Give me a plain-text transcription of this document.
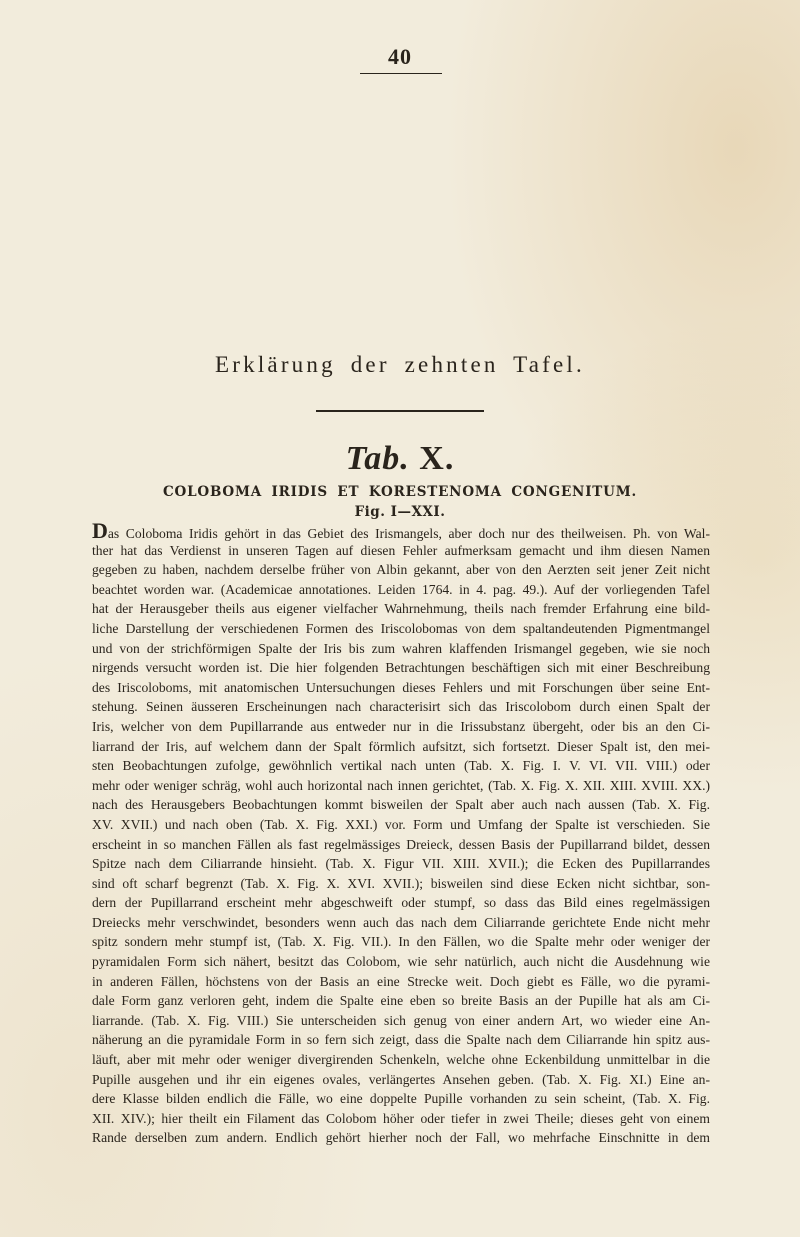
40
Erklärung der zehnten Tafel.
Tab. X.
COLOBOMA IRIDIS ET KORESTENOMA CONGENITUM.
Fig. I—XXI.
Das Coloboma Iridis gehört in das Gebiet des Irismangels, aber doch nur des theilweisen. Ph. von Wal-
ther hat das Verdienst in unseren Tagen auf diesen Fehler aufmerksam gemacht und ihm diesen Namen
gegeben zu haben, nachdem derselbe früher von Albin gekannt, aber von den Aerzten seit jener Zeit nicht
beachtet worden war. (Academicae annotationes. Leiden 1764. in 4. pag. 49.). Auf der vorliegenden Tafel
hat der Herausgeber theils aus eigener vielfacher Wahrnehmung, theils nach fremder Erfahrung eine bild-
liche Darstellung der verschiedenen Formen des Iriscolobomas von dem spaltandeutenden Pigmentmangel
und von der strichförmigen Spalte der Iris bis zum wahren klaffenden Irismangel gegeben, wie sie noch
nirgends versucht worden ist. Die hier folgenden Betrachtungen beschäftigen sich mit einer Beschreibung
des Iriscoloboms, mit anatomischen Untersuchungen dieses Fehlers und mit Forschungen über seine Ent-
stehung. Seinen äusseren Erscheinungen nach characterisirt sich das Iriscolobom durch einen Spalt der
Iris, welcher von dem Pupillarrande aus entweder nur in die Irissubstanz übergeht, oder bis an den Ci-
liarrand der Iris, auf welchem dann der Spalt förmlich aufsitzt, sich fortsetzt. Dieser Spalt ist, den mei-
sten Beobachtungen zufolge, gewöhnlich vertikal nach unten (Tab. X. Fig. I. V. VI. VII. VIII.) oder
mehr oder weniger schräg, wohl auch horizontal nach innen gerichtet, (Tab. X. Fig. X. XII. XIII. XVIII. XX.)
nach des Herausgebers Beobachtungen kommt bisweilen der Spalt aber auch nach aussen (Tab. X. Fig.
XV. XVII.) und nach oben (Tab. X. Fig. XXI.) vor. Form und Umfang der Spalte ist verschieden. Sie
erscheint in so manchen Fällen als fast regelmässiges Dreieck, dessen Basis der Pupillarrand bildet, dessen
Spitze nach dem Ciliarrande hinsieht. (Tab. X. Figur VII. XIII. XVII.); die Ecken des Pupillarrandes
sind oft scharf begrenzt (Tab. X. Fig. X. XVI. XVII.); bisweilen sind diese Ecken nicht sichtbar, son-
dern der Pupillarrand erscheint mehr abgeschweift oder stumpf, so dass das Bild eines regelmässigen
Dreiecks mehr verschwindet, besonders wenn auch das nach dem Ciliarrande gerichtete Ende nicht mehr
spitz sondern mehr stumpf ist, (Tab. X. Fig. VII.). In den Fällen, wo die Spalte mehr oder weniger der
pyramidalen Form sich nähert, besitzt das Colobom, wie sehr natürlich, auch nicht die Ausdehnung wie
in anderen Fällen, höchstens von der Basis an eine Strecke weit. Doch giebt es Fälle, wo die pyrami-
dale Form ganz verloren geht, indem die Spalte eine eben so breite Basis an der Pupille hat als am Ci-
liarrande. (Tab. X. Fig. VIII.) Sie unterscheiden sich genug von einer andern Art, wo wieder eine An-
näherung an die pyramidale Form in so fern sich zeigt, dass die Spalte nach dem Ciliarrande hin spitz aus-
läuft, aber mit mehr oder weniger divergirenden Schenkeln, welche ohne Eckenbildung unmittelbar in die
Pupille ausgehen und ihr ein eigenes ovales, verlängertes Ansehen geben. (Tab. X. Fig. XI.) Eine an-
dere Klasse bilden endlich die Fälle, wo eine doppelte Pupille vorhanden zu sein scheint, (Tab. X. Fig.
XII. XIV.); hier theilt ein Filament das Colobom höher oder tiefer in zwei Theile; dieses geht von einem
Rande derselben zum andern. Endlich gehört hierher noch der Fall, wo mehrfache Einschnitte in dem
